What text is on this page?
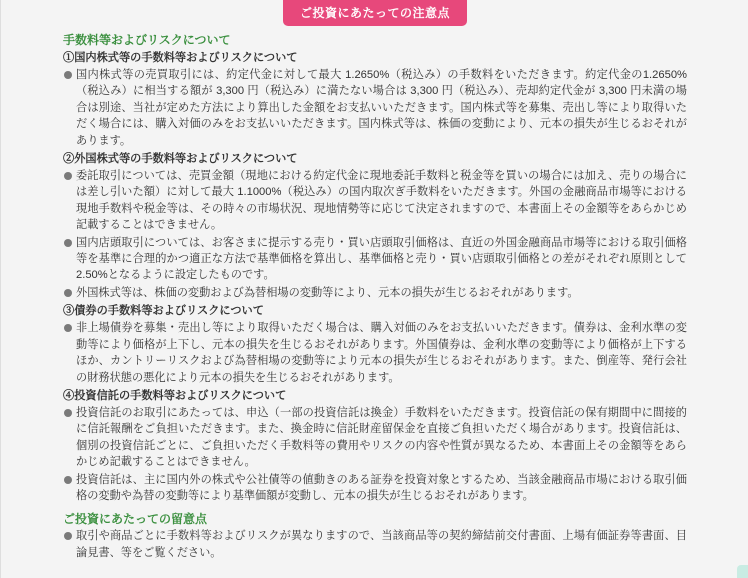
ご投資にあたっての注意点
手数料等およびリスクについて
①国内株式等の手数料等およびリスクについて
国内株式等の売買取引には、約定代金に対して最大 1.2650%（税込み）の手数料をいただきます。約定代金の1.2650%（税込み）に相当する額が 3,300 円（税込み）に満たない場合は 3,300 円（税込み）、売却約定代金が 3,300 円未満の場合は別途、当社が定めた方法により算出した金額をお支払いいただきます。国内株式等を募集、売出し等により取得いただく場合には、購入対価のみをお支払いいただきます。国内株式等は、株価の変動により、元本の損失が生じるおそれがあります。
②外国株式等の手数料等およびリスクについて
委託取引については、売買金額（現地における約定代金に現地委託手数料と税金等を買いの場合には加え、売りの場合には差し引いた額）に対して最大 1.1000%（税込み）の国内取次ぎ手数料をいただきます。外国の金融商品市場等における現地手数料や税金等は、その時々の市場状況、現地情勢等に応じて決定されますので、本書面上その金額等をあらかじめ記載することはできません。
国内店頭取引については、お客さまに提示する売り・買い店頭取引価格は、直近の外国金融商品市場等における取引価格等を基準に合理的かつ適正な方法で基準価格を算出し、基準価格と売り・買い店頭取引価格との差がそれぞれ原則として2.50%となるように設定したものです。
外国株式等は、株価の変動および為替相場の変動等により、元本の損失が生じるおそれがあります。
③債券の手数料等およびリスクについて
非上場債券を募集・売出し等により取得いただく場合は、購入対価のみをお支払いいただきます。債券は、金利水準の変動等により価格が上下し、元本の損失を生じるおそれがあります。外国債券は、金利水準の変動等により価格が上下するほか、カントリーリスクおよび為替相場の変動等により元本の損失が生じるおそれがあります。また、倒産等、発行会社の財務状態の悪化により元本の損失を生じるおそれがあります。
④投資信託の手数料等およびリスクについて
投資信託のお取引にあたっては、申込（一部の投資信託は換金）手数料をいただきます。投資信託の保有期間中に間接的に信託報酬をご負担いただきます。また、換金時に信託財産留保金を直接ご負担いただく場合があります。投資信託は、個別の投資信託ごとに、ご負担いただく手数料等の費用やリスクの内容や性質が異なるため、本書面上その金額等をあらかじめ記載することはできません。
投資信託は、主に国内外の株式や公社債等の値動きのある証券を投資対象とするため、当該金融商品市場における取引価格の変動や為替の変動等により基準価額が変動し、元本の損失が生じるおそれがあります。
ご投資にあたっての留意点
取引や商品ごとに手数料等およびリスクが異なりますので、当該商品等の契約締結前交付書面、上場有価証券等書面、目論見書、等をご覧ください。
